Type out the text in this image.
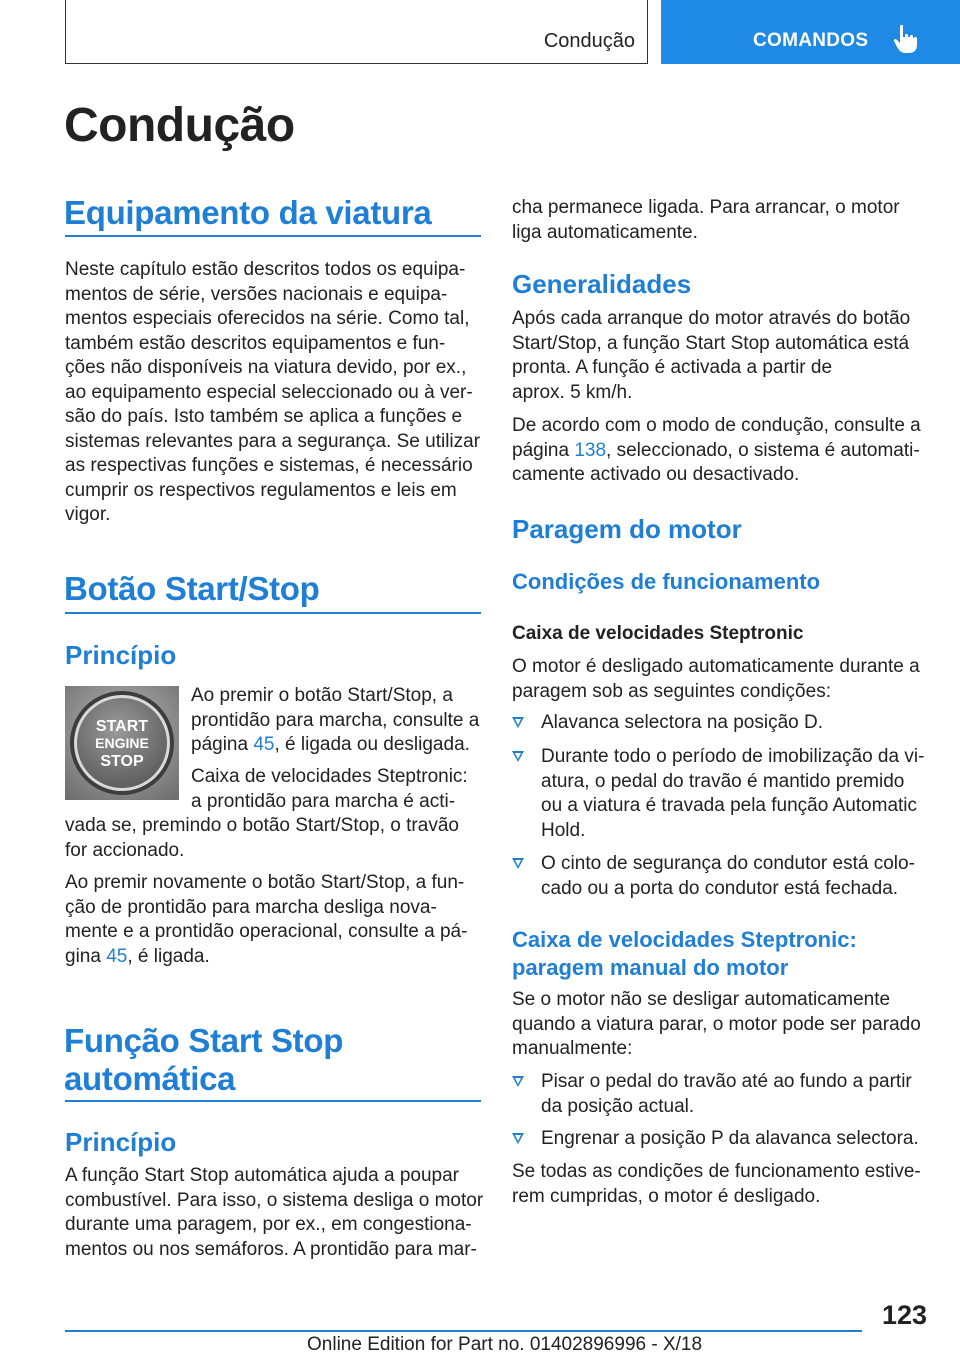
Condução	COMANDOS
Condução
Equipamento da viatura
Neste capítulo estão descritos todos os equipa‐
mentos de série, versões nacionais e equipa‐
mentos especiais oferecidos na série. Como tal,
também estão descritos equipamentos e fun‐
ções não disponíveis na viatura devido, por ex.,
ao equipamento especial seleccionado ou à ver‐
são do país. Isto também se aplica a funções e
sistemas relevantes para a segurança. Se utilizar
as respectivas funções e sistemas, é necessário
cumprir os respectivos regulamentos e leis em
vigor.
Botão Start/Stop
Princípio
START
ENGINE
STOP
Ao premir o botão Start/Stop, a
prontidão para marcha, consulte a
página 45, é ligada ou desligada.
Caixa de velocidades Steptronic:
a prontidão para marcha é acti‐
vada se, premindo o botão Start/Stop, o travão
for accionado.
Ao premir novamente o botão Start/Stop, a fun‐
ção de prontidão para marcha desliga nova‐
mente e a prontidão operacional, consulte a pá‐
gina 45, é ligada.
Função Start Stop
automática
Princípio
A função Start Stop automática ajuda a poupar
combustível. Para isso, o sistema desliga o motor
durante uma paragem, por ex., em congestiona‐
mentos ou nos semáforos. A prontidão para mar‐
cha permanece ligada. Para arrancar, o motor
liga automaticamente.
Generalidades
Após cada arranque do motor através do botão
Start/Stop, a função Start Stop automática está
pronta. A função é activada a partir de
aprox. 5 km/h.
De acordo com o modo de condução, consulte a
página 138, seleccionado, o sistema é automati‐
camente activado ou desactivado.
Paragem do motor
Condições de funcionamento
Caixa de velocidades Steptronic
O motor é desligado automaticamente durante a
paragem sob as seguintes condições:
Alavanca selectora na posição D.
Durante todo o período de imobilização da vi‐
atura, o pedal do travão é mantido premido
ou a viatura é travada pela função Automatic
Hold.
O cinto de segurança do condutor está colo‐
cado ou a porta do condutor está fechada.
Caixa de velocidades Steptronic:
paragem manual do motor
Se o motor não se desligar automaticamente
quando a viatura parar, o motor pode ser parado
manualmente:
Pisar o pedal do travão até ao fundo a partir
da posição actual.
Engrenar a posição P da alavanca selectora.
Se todas as condições de funcionamento estive‐
rem cumpridas, o motor é desligado.
123
Online Edition for Part no. 01402896996 - X/18
